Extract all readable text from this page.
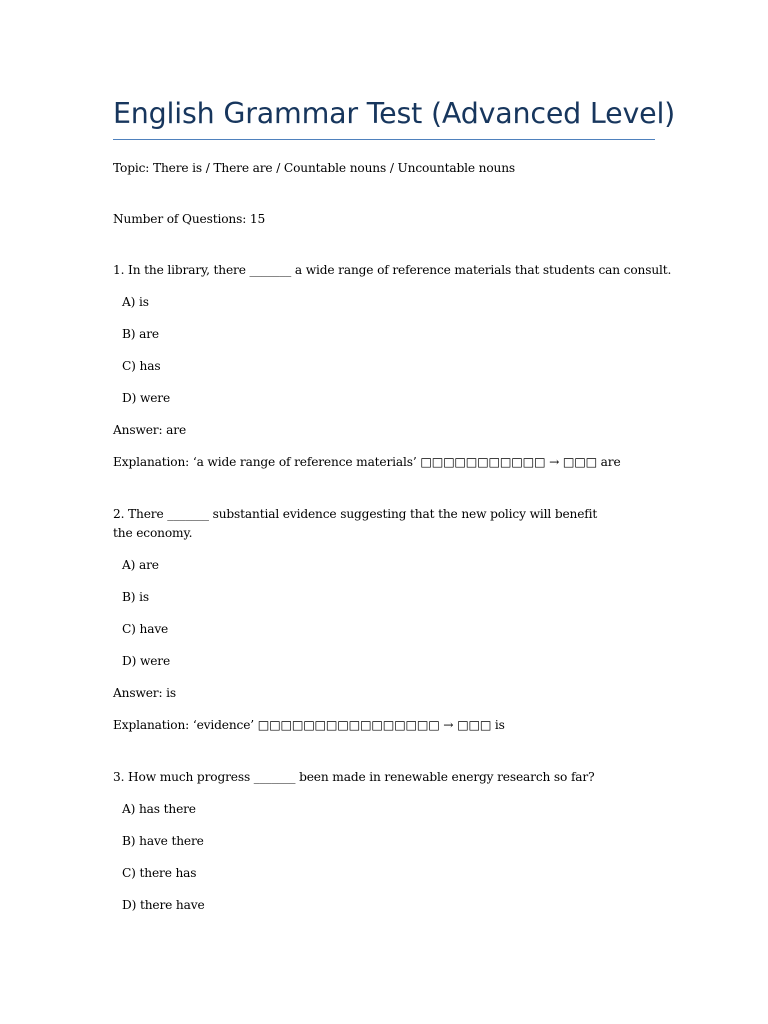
English Grammar Test (Advanced Level)
Topic: There is / There are / Countable nouns / Uncountable nouns
Number of Questions: 15
1. In the library, there _______ a wide range of reference materials that students can consult.
A) is
B) are
C) has
D) were
Answer: are
Explanation: ‘a wide range of reference materials’ □□□□□□□□□□□ → □□□ are
2. There _______ substantial evidence suggesting that the new policy will benefit the economy.
A) are
B) is
C) have
D) were
Answer: is
Explanation: ‘evidence’ □□□□□□□□□□□□□□□□ → □□□ is
3. How much progress _______ been made in renewable energy research so far?
A) has there
B) have there
C) there has
D) there have
